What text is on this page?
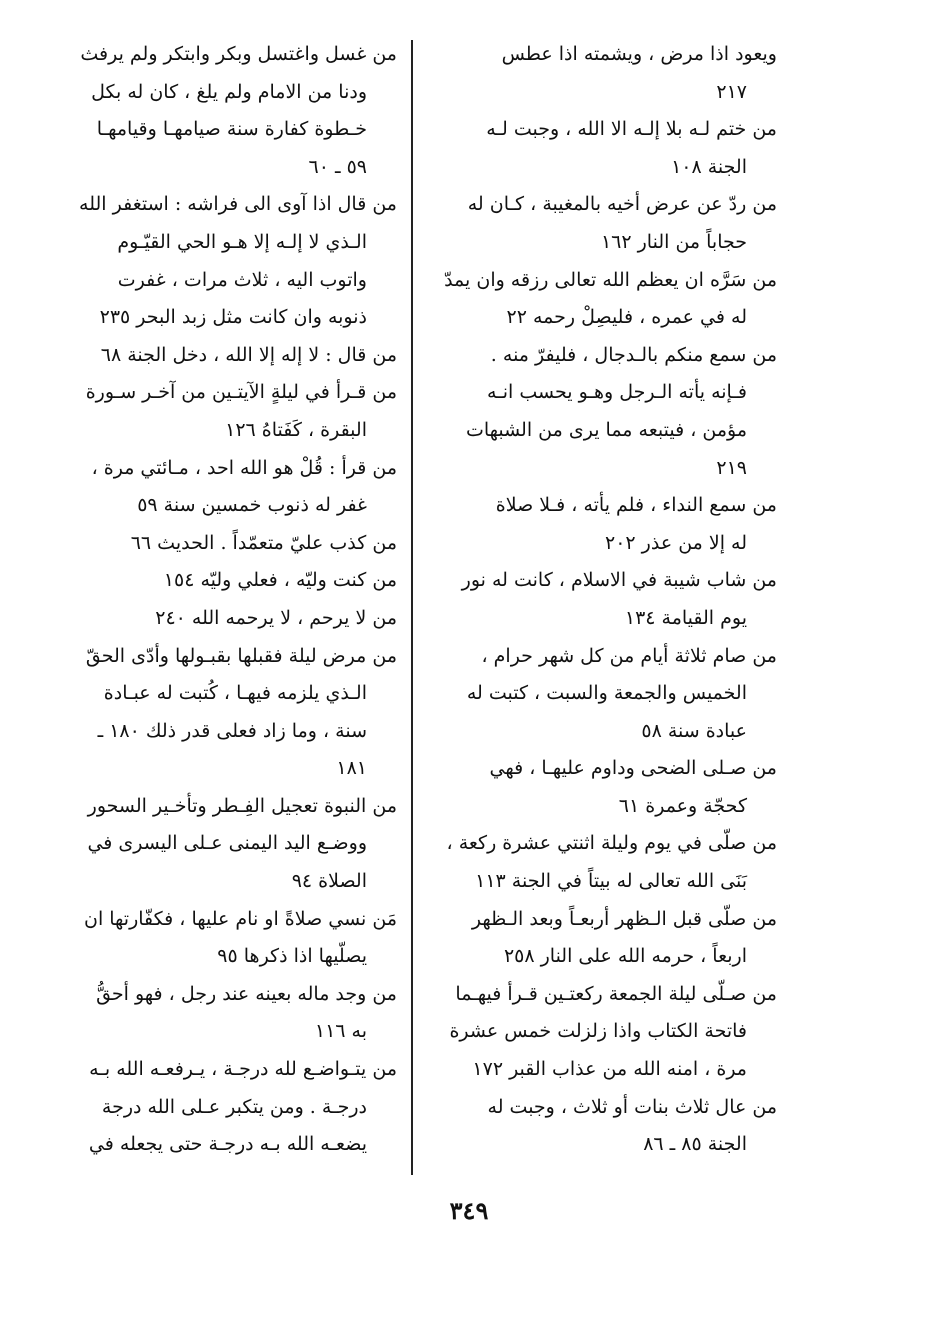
ويعود اذا مرض ، ويشمته اذا عطس
٢١٧

من ختم لـه بلا إلـه الا الله ، وجبت لـه
الجنة ١٠٨

من ردّ عن عرض أخيه بالمغيبة ، كـان له
حجاباً من النار ١٦٢

من سَرَّه ان يعظم الله تعالى رزقه وان يمدّ
له في عمره ، فليصِلْ رحمه ٢٢

من سمع منكم بالـدجال ، فليفرّ منه .
فـإنه يأته الـرجل وهـو يحسب انـه
مؤمن ، فيتبعه مما يرى من الشبهات
٢١٩

من سمع النداء ، فلم يأته ، فـلا صلاة
له إلا من عذر ٢٠٢

من شاب شيبة في الاسلام ، كانت له نور
يوم القيامة ١٣٤

من صام ثلاثة أيام من كل شهر حرام ،
الخميس والجمعة والسبت ، كتبت له
عبادة سنة ٥٨

من صـلى الضحى وداوم عليهـا ، فهي
كحجّة وعمرة ٦١

من صلّى في يوم وليلة اثنتي عشرة ركعة ،
بَنَى الله تعالى له بيتاً في الجنة ١١٣

من صلّى قبل الـظهر أربعـاً وبعد الـظهر
اربعاً ، حرمه الله على النار ٢٥٨

من صـلّى ليلة الجمعة ركعتـين قـرأ فيهـما
فاتحة الكتاب واذا زلزلت خمس عشرة
مرة ، امنه الله من عذاب القبر ١٧٢

من عال ثلاث بنات أو ثلاث ، وجبت له
الجنة ٨٥ ـ ٨٦

من غسل واغتسل وبكر وابتكر ولم يرفث
ودنا من الامام ولم يلغ ، كان له بكل
خـطوة كفارة سنة صيامهـا وقيامهـا
٥٩ ـ ٦٠

من قال اذا آوى الى فراشه : استغفر الله
الـذي لا إلـه إلا هـو الحي القيّـوم
واتوب اليه ، ثلاث مرات ، غفرت
ذنوبه وان كانت مثل زبد البحر ٢٣٥

من قال : لا إله إلا الله ، دخل الجنة ٦٨

من قـرأ في ليلةٍ الآيتـين من آخـر سـورة
البقرة ، كَفَتاهُ ١٢٦

من قرأ : قُلْ هو الله احد ، مـائتي مرة ،
غفر له ذنوب خمسين سنة ٥٩

من كذب عليّ متعمّداً . الحديث ٦٦

من كنت وليّه ، فعلي وليّه ١٥٤

من لا يرحم ، لا يرحمه الله ٢٤٠

من مرض ليلة فقبلها بقبـولها وأدّى الحقّ
الـذي يلزمه فيهـا ، كُتبت له عبـادة
سنة ، وما زاد فعلى قدر ذلك ١٨٠ ـ
١٨١

من النبوة تعجيل الفِـطر وتأخـير السحور
ووضـع اليد اليمنى عـلى اليسرى في
الصلاة ٩٤

مَن نسي صلاةً او نام عليها ، فكفّارتها ان
يصلّيها اذا ذكرها ٩٥

من وجد ماله بعينه عند رجل ، فهو أحقُّ
به ١١٦

من يتـواضـع لله درجـة ، يـرفعـه الله بـه
درجـة . ومن يتكبر عـلى الله درجة
يضعـه الله بـه درجـة حتى يجعله في

٣٤٩
